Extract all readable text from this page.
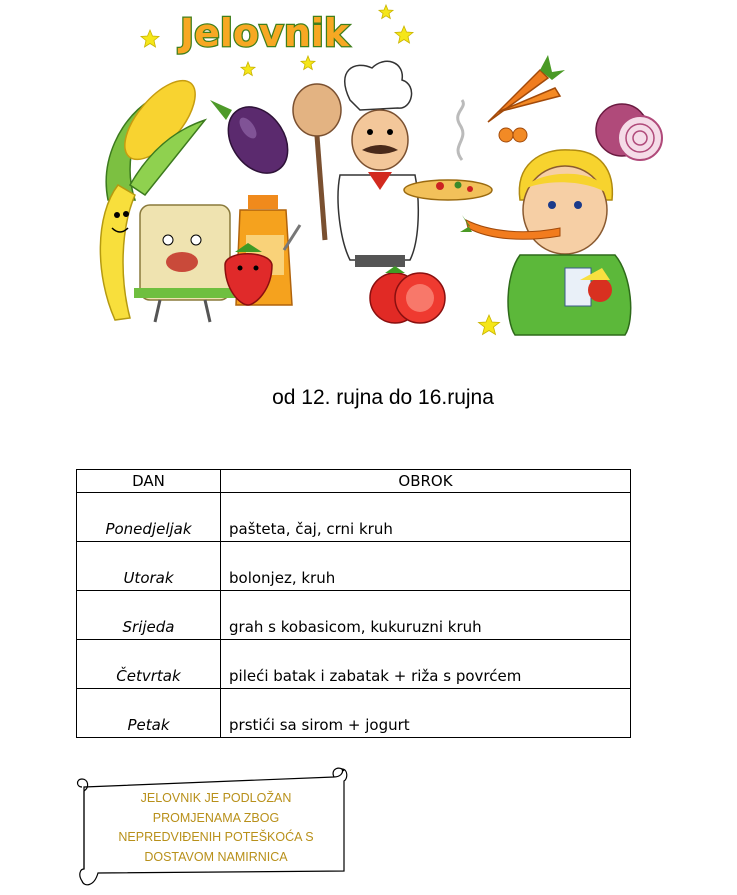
Jelovnik
od 12. rujna do 16.rujna
DAN	OBROK
Ponedjeljak	pašteta, čaj, crni kruh
Utorak	bolonjez, kruh
Srijeda	grah s kobasicom, kukuruzni kruh
Četvrtak	pileći batak i zabatak + riža s povrćem
Petak	prstići sa sirom + jogurt
JELOVNIK JE PODLOŽAN
PROMJENAMA ZBOG
NEPREDVIĐENIH POTEŠKOĆA S
DOSTAVOM NAMIRNICA
